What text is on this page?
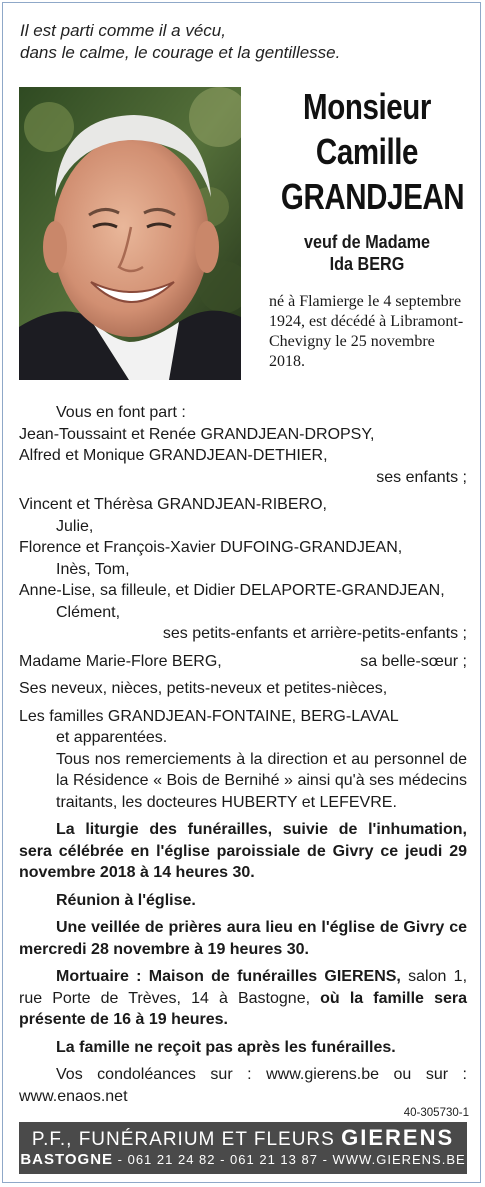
Il est parti comme il a vécu,
dans le calme, le courage et la gentillesse.
Monsieur
Camille
GRANDJEAN
veuf de Madame
Ida BERG
né à Flamierge le 4 septembre 1924, est décédé à Libramont-Chevigny le 25 novembre 2018.

Vous en font part :

Jean-Toussaint et Renée GRANDJEAN-DROPSY,

Alfred et Monique GRANDJEAN-DETHIER,

ses enfants ;

Vincent et Thérèsa GRANDJEAN-RIBERO,

Julie,

Florence et François-Xavier DUFOING-GRANDJEAN,

Inès, Tom,

Anne-Lise, sa filleule, et Didier DELAPORTE-GRANDJEAN,

Clément,

ses petits-enfants et arrière-petits-enfants ;

Madame Marie-Flore BERG,	sa belle-sœur ;

Ses neveux, nièces, petits-neveux et petites-nièces,

Les familles GRANDJEAN-FONTAINE, BERG-LAVAL

et apparentées.

Tous nos remerciements à la direction et au personnel de la Résidence « Bois de Bernihé » ainsi qu'à ses médecins traitants, les docteures HUBERTY et LEFEVRE.

La liturgie des funérailles, suivie de l'inhumation, sera célébrée en l'église paroissiale de Givry ce jeudi 29 novembre 2018 à 14 heures 30.

Réunion à l'église.

Une veillée de prières aura lieu en l'église de Givry ce mercredi 28 novembre à 19 heures 30.

Mortuaire : Maison de funérailles GIERENS, salon 1, rue Porte de Trèves, 14 à Bastogne, où la famille sera présente de 16 à 19 heures.

La famille ne reçoit pas après les funérailles.

Vos condoléances sur : www.gierens.be ou sur : www.enaos.net

40-305730-1
P.F., FUNÉRARIUM ET FLEURS GIERENS
BASTOGNE - 061 21 24 82 - 061 21 13 87 - WWW.GIERENS.BE
